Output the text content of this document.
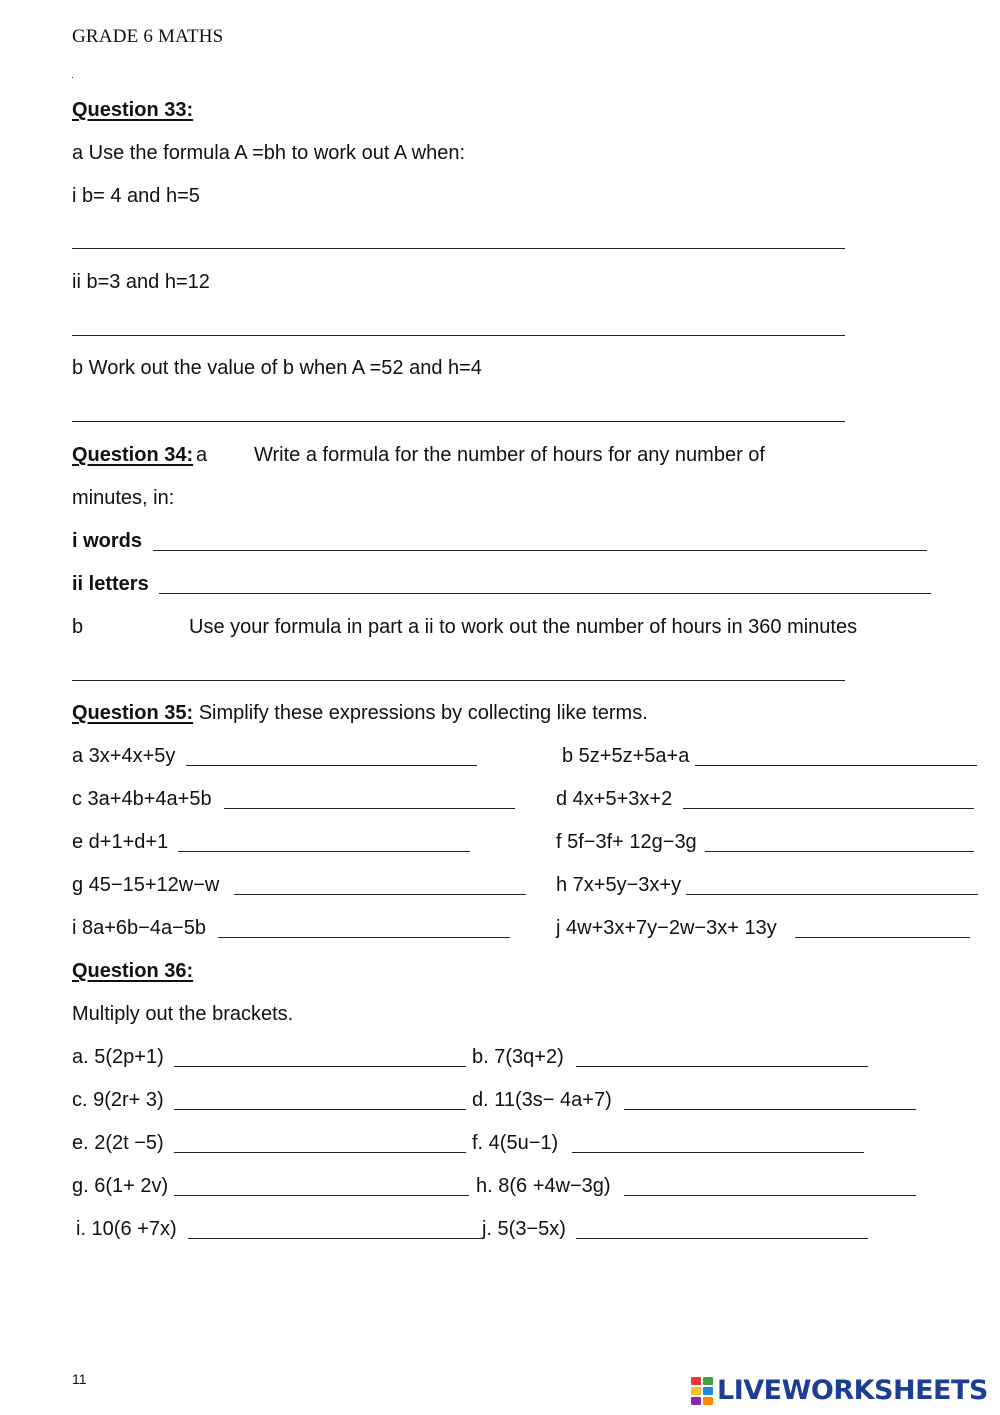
GRADE 6 MATHS
.
Question 33:
a Use the formula A =bh to work out A when:
i b= 4 and h=5
ii b=3 and h=12
b Work out the value of b when A =52 and h=4
Question 34: a Write a formula for the number of hours for any number of
minutes, in:
i words
ii letters
b	Use your formula in part a ii to work out the number of hours in 360 minutes
Question 35: Simplify these expressions by collecting like terms.
a 3x+4x+5y	b 5z+5z+5a+a
c 3a+4b+4a+5b	d 4x+5+3x+2
e d+1+d+1	f 5f−3f+ 12g−3g
g 45−15+12w−w	h 7x+5y−3x+y
i 8a+6b−4a−5b	j 4w+3x+7y−2w−3x+ 13y
Question 36:
Multiply out the brackets.
a. 5(2p+1)	b. 7(3q+2)
c. 9(2r+ 3)	d. 11(3s− 4a+7)
e. 2(2t −5)	f. 4(5u−1)
g. 6(1+ 2v)	h. 8(6 +4w−3g)
i. 10(6 +7x)	j. 5(3−5x)
11	LIVEWORKSHEETS
